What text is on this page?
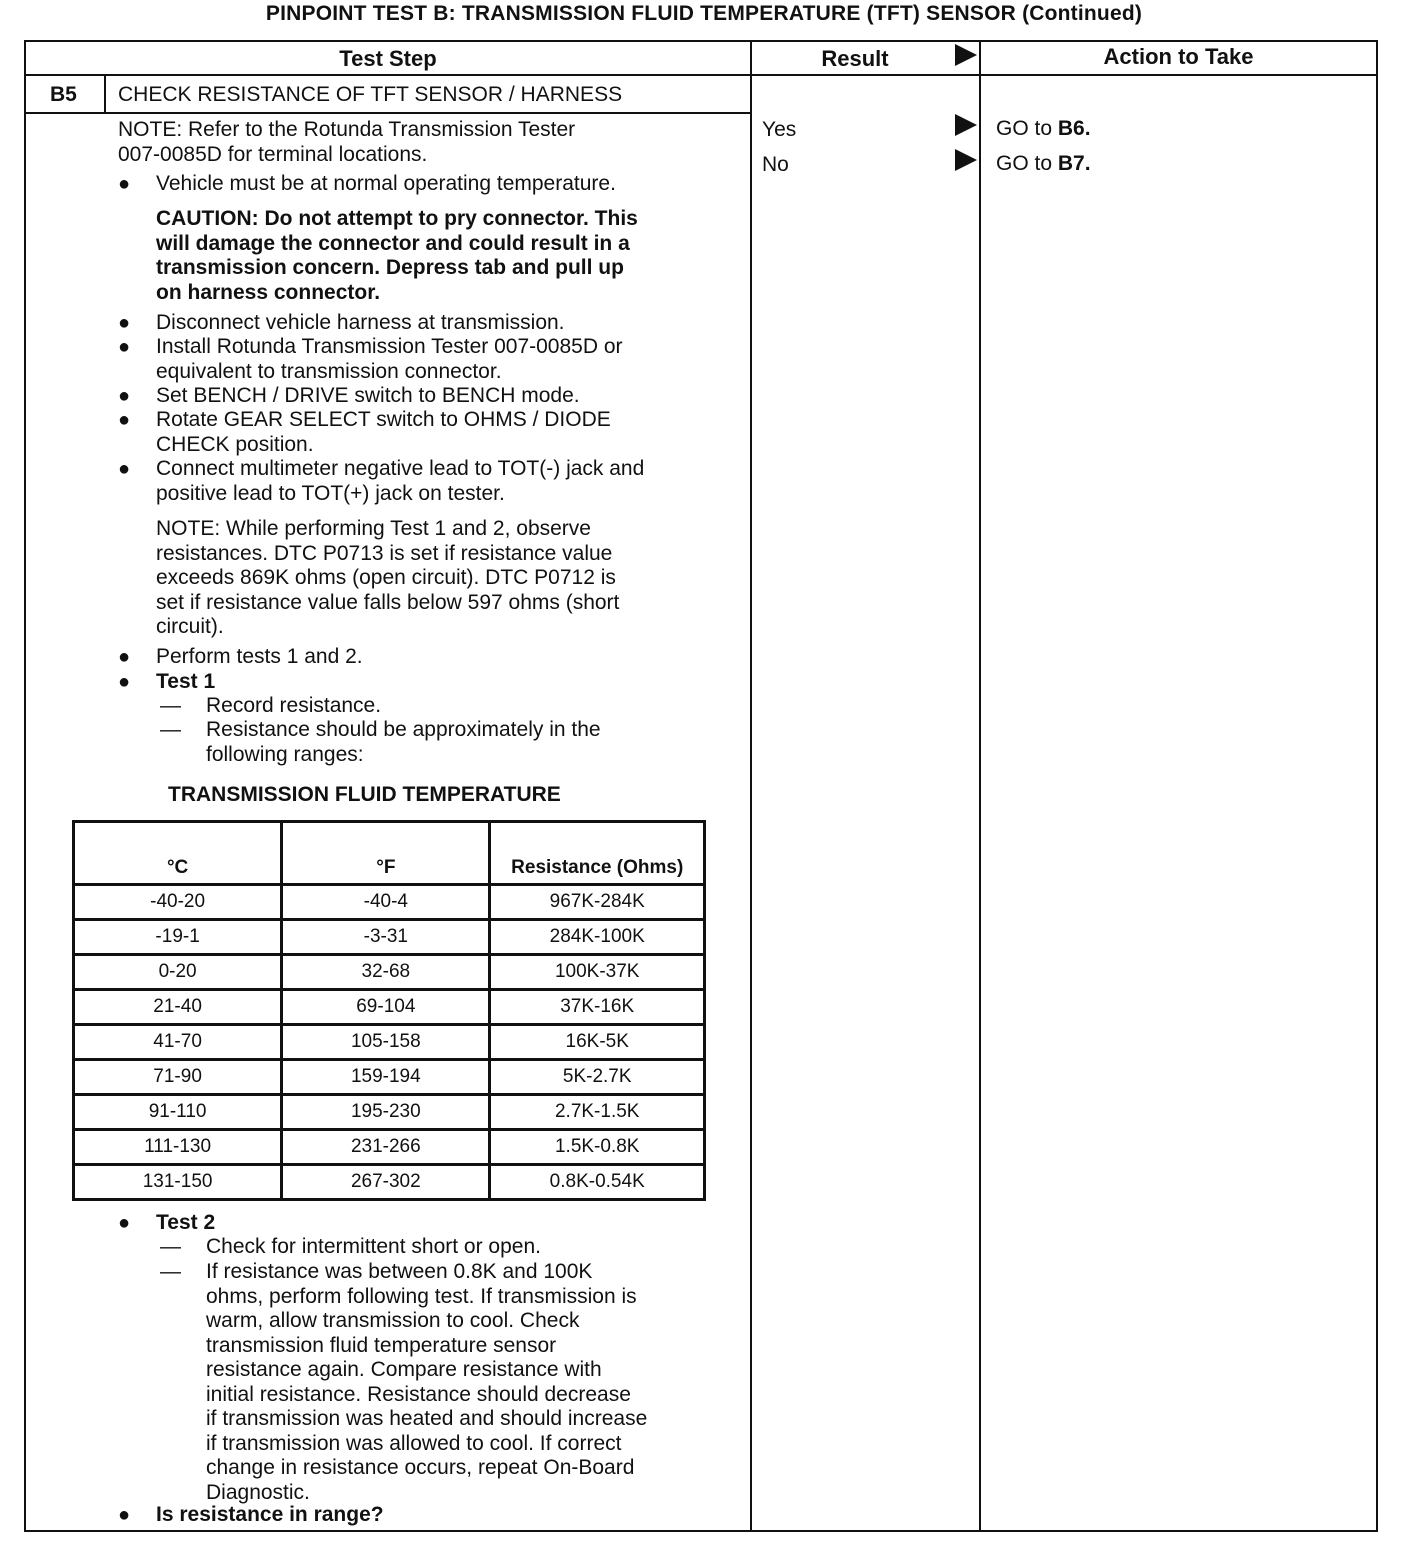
PINPOINT TEST B: TRANSMISSION FLUID TEMPERATURE (TFT) SENSOR (Continued)
Test Step	Result	Action to Take
B5 CHECK RESISTANCE OF TFT SENSOR / HARNESS
Yes	GO to B6.
No	GO to B7.
NOTE: Refer to the Rotunda Transmission Tester
007-0085D for terminal locations.
● Vehicle must be at normal operating temperature.
CAUTION: Do not attempt to pry connector. This
will damage the connector and could result in a
transmission concern. Depress tab and pull up
on harness connector.
● Disconnect vehicle harness at transmission.
● Install Rotunda Transmission Tester 007-0085D or
equivalent to transmission connector.
● Set BENCH / DRIVE switch to BENCH mode.
● Rotate GEAR SELECT switch to OHMS / DIODE
CHECK position.
● Connect multimeter negative lead to TOT(-) jack and
positive lead to TOT(+) jack on tester.
NOTE: While performing Test 1 and 2, observe
resistances. DTC P0713 is set if resistance value
exceeds 869K ohms (open circuit). DTC P0712 is
set if resistance value falls below 597 ohms (short
circuit).
● Perform tests 1 and 2.
● Test 1
— Record resistance.
— Resistance should be approximately in the
following ranges:
TRANSMISSION FLUID TEMPERATURE
°C	°F	Resistance (Ohms)
-40-20	-40-4	967K-284K
-19-1	-3-31	284K-100K
0-20	32-68	100K-37K
21-40	69-104	37K-16K
41-70	105-158	16K-5K
71-90	159-194	5K-2.7K
91-110	195-230	2.7K-1.5K
111-130	231-266	1.5K-0.8K
131-150	267-302	0.8K-0.54K
● Test 2
— Check for intermittent short or open.
— If resistance was between 0.8K and 100K
ohms, perform following test. If transmission is
warm, allow transmission to cool. Check
transmission fluid temperature sensor
resistance again. Compare resistance with
initial resistance. Resistance should decrease
if transmission was heated and should increase
if transmission was allowed to cool. If correct
change in resistance occurs, repeat On-Board
Diagnostic.
● Is resistance in range?
